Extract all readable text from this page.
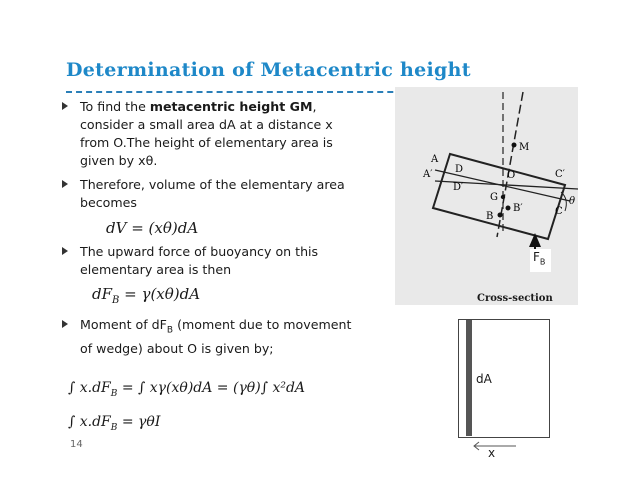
Determination of Metacentric height
To find the metacentric height GM, consider a small area dA at a distance x from O.The height of elementary area is given by xθ.
Therefore, volume of the elementary area becomes
dV = (xθ)dA
The upward force of buoyancy on this elementary area is then
$dF_B = \gamma(x\theta)dA$
Moment of $dF_B$ (moment due to movement of wedge) about O is given by;
∫ $x.dF_B$ = ∫ xγ(xθ)dA = (γθ)∫ x²dA
∫ $x.dF_B = \gamma\theta I$
14
M
A
A′ D
D′
O	C′
G
B
B′	C
θ
$F_B$
Cross-section
dA
x
